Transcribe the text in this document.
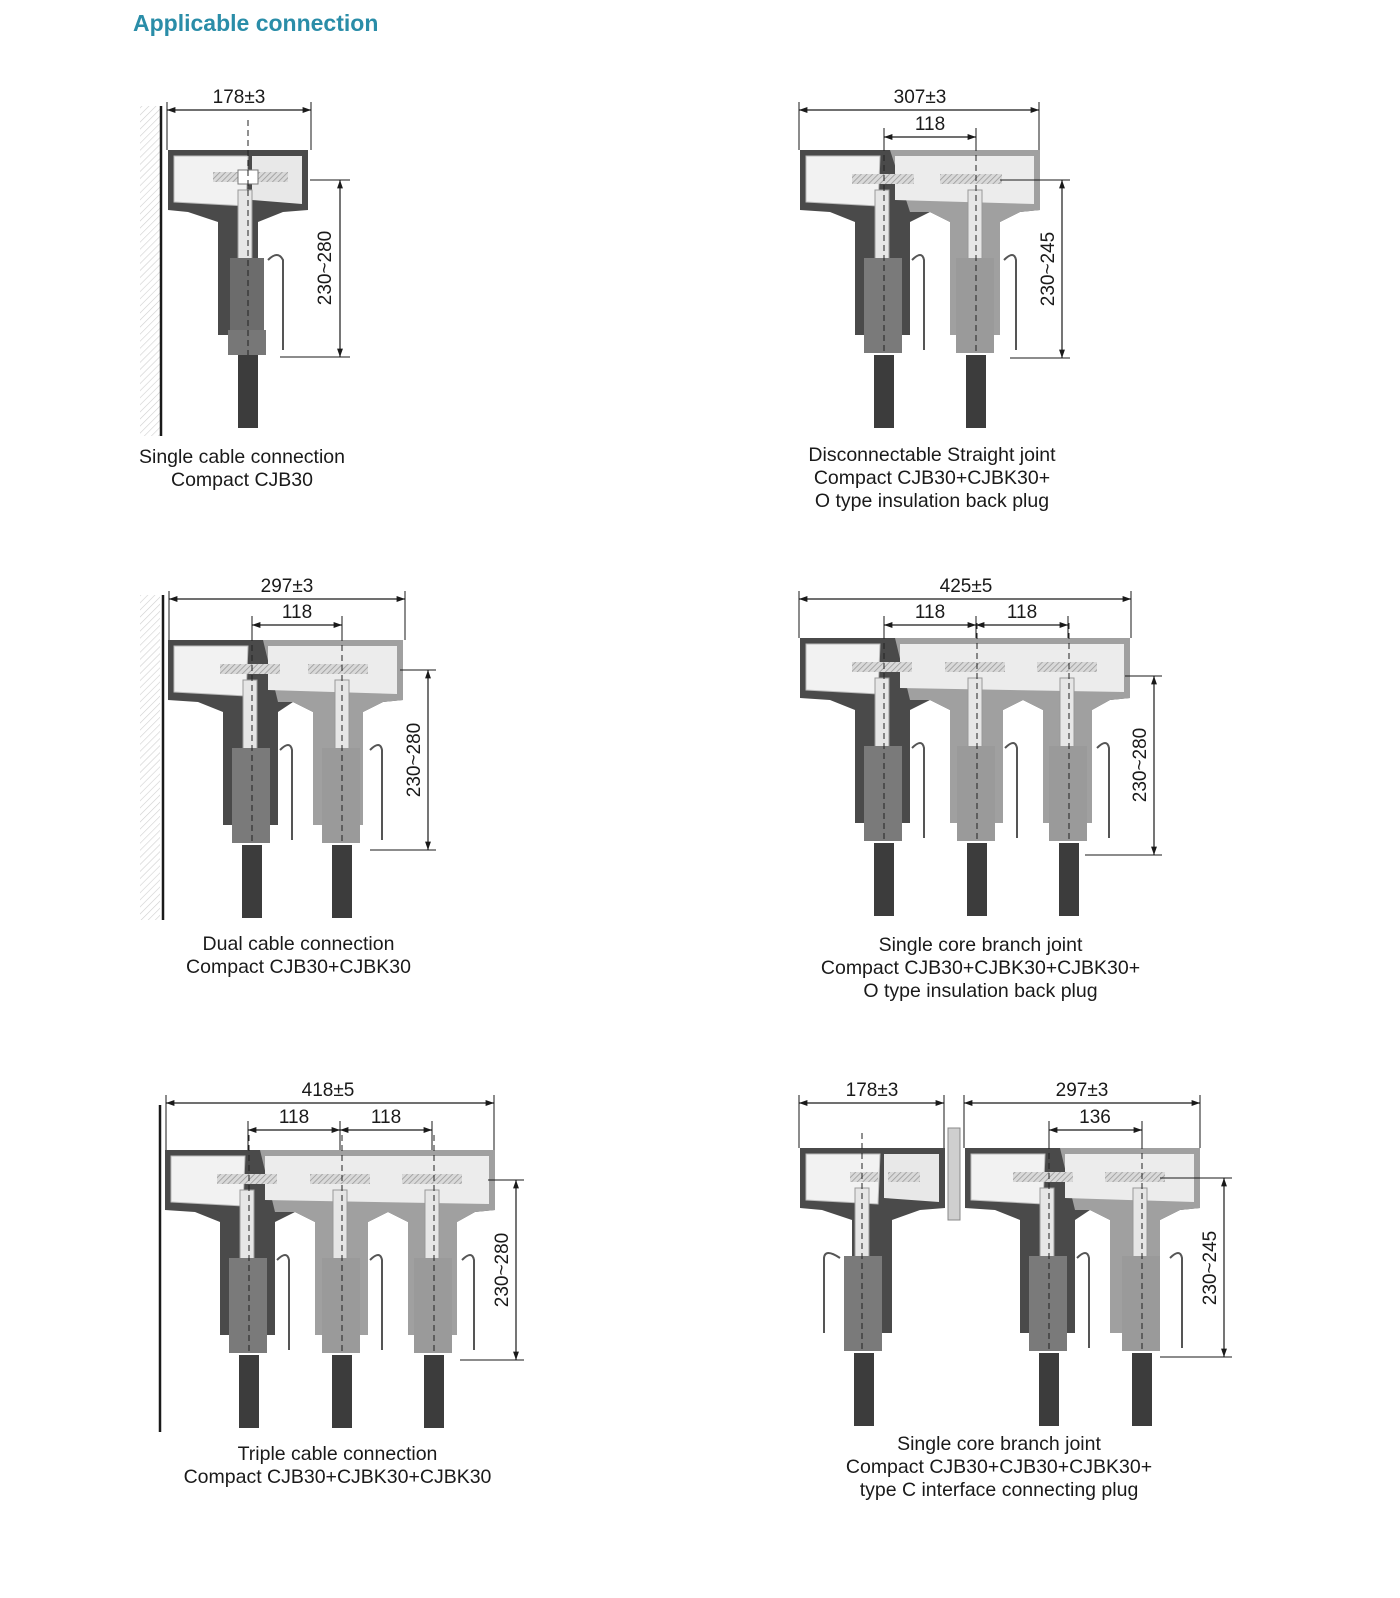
Applicable connection
178±3
230~280
307±3
118
230~245
297±3
118
230~280
425±5
118	118
230~280
418±5
118	118
230~280
178±3	297±3
136
230~245
Single cable connection
Compact CJB30
Disconnectable Straight joint
Compact CJB30+CJBK30+
O type insulation back plug
Dual cable connection
Compact CJB30+CJBK30
Single core branch joint
Compact CJB30+CJBK30+CJBK30+
O type insulation back plug
Triple cable connection
Compact CJB30+CJBK30+CJBK30
Single core branch joint
Compact CJB30+CJB30+CJBK30+
type C interface connecting plug
